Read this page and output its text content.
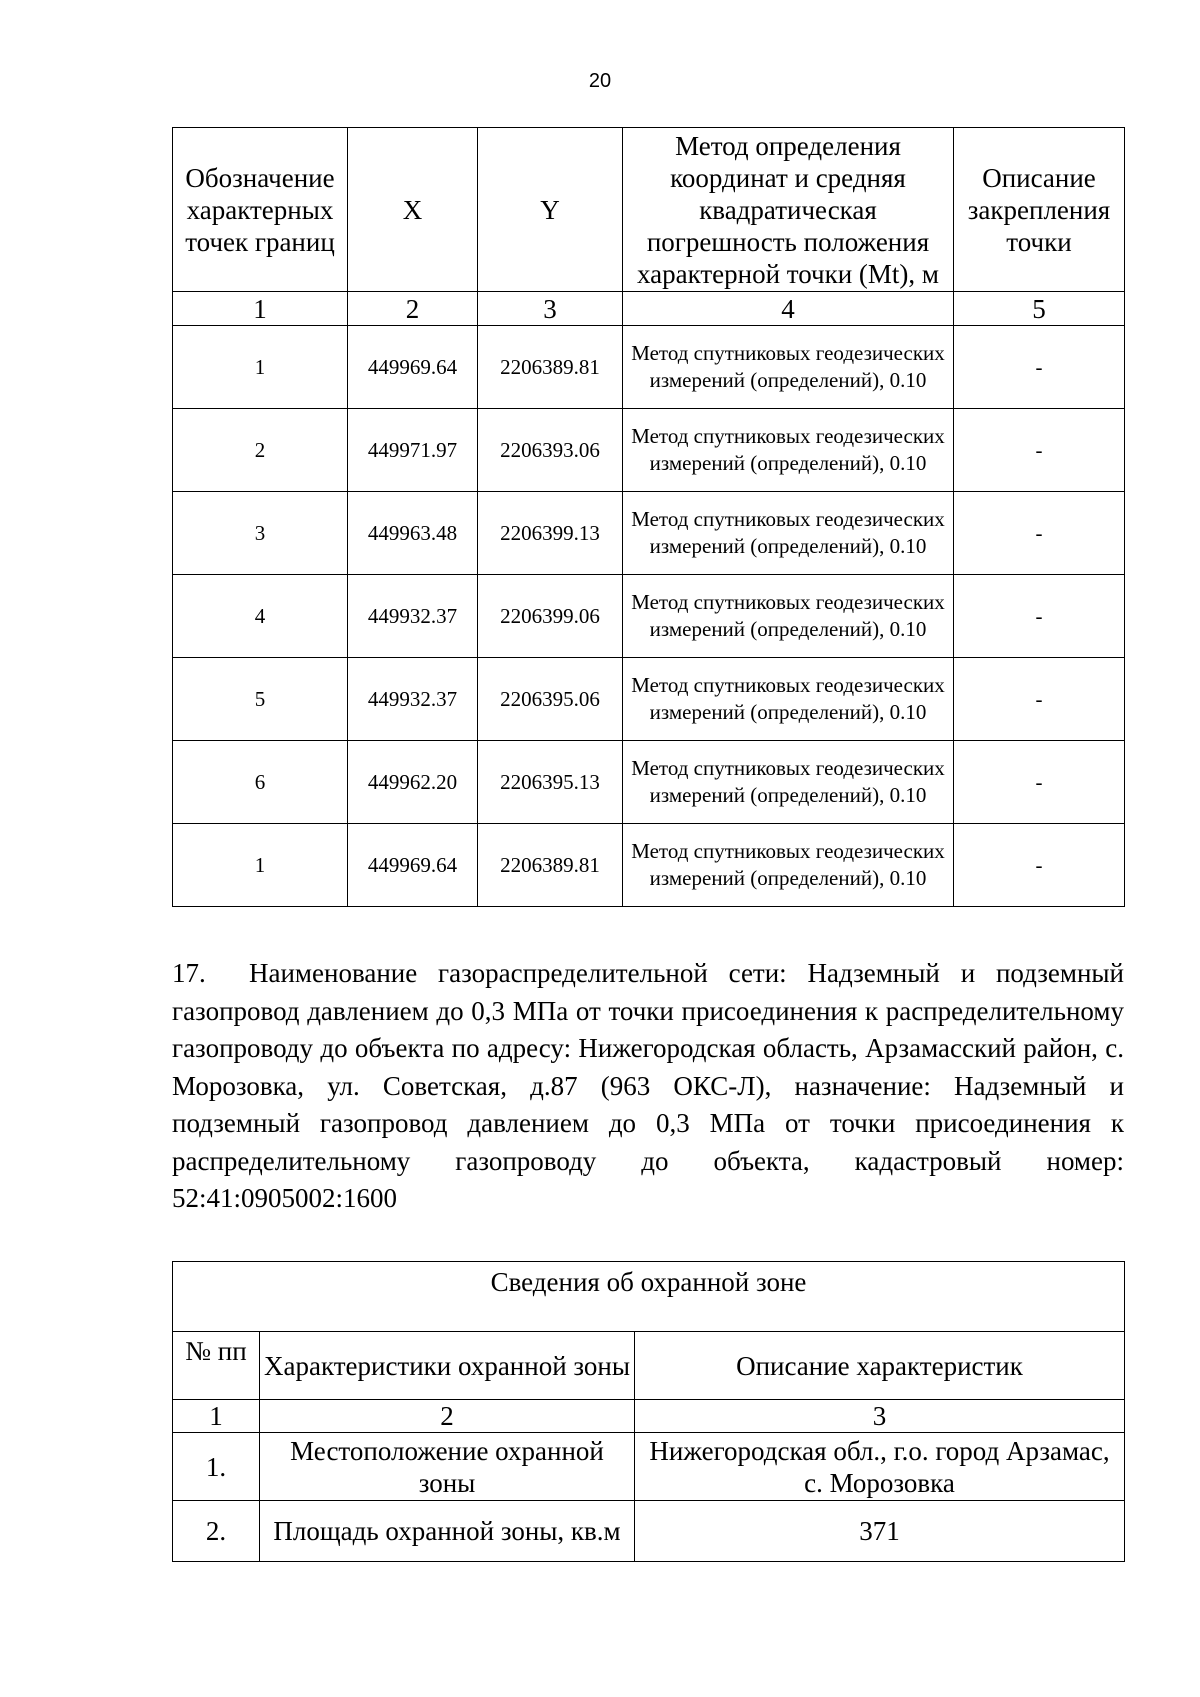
20
Обозначение характерных точек границ	X	Y	Метод определения координат и средняя квадратическая погрешность положения характерной точки (Mt), м	Описание закрепления точки
1	2	3	4	5
1	449969.64	2206389.81	Метод спутниковых геодезических измерений (определений), 0.10	-
2	449971.97	2206393.06	Метод спутниковых геодезических измерений (определений), 0.10	-
3	449963.48	2206399.13	Метод спутниковых геодезических измерений (определений), 0.10	-
4	449932.37	2206399.06	Метод спутниковых геодезических измерений (определений), 0.10	-
5	449932.37	2206395.06	Метод спутниковых геодезических измерений (определений), 0.10	-
6	449962.20	2206395.13	Метод спутниковых геодезических измерений (определений), 0.10	-
1	449969.64	2206389.81	Метод спутниковых геодезических измерений (определений), 0.10	-

17. Наименование газораспределительной сети: Надземный и подземный газопровод давлением до 0,3 МПа от точки присоединения к распределительному газопроводу до объекта по адресу: Нижегородская область, Арзамасский район, с. Морозовка, ул. Советская, д.87 (963 ОКС-Л), назначение: Надземный и подземный газопровод давлением до 0,3 МПа от точки присоединения к распределительному газопроводу до объекта, кадастровый номер: 52:41:0905002:1600

Сведения об охранной зоне		
№ пп	Характеристики охранной зоны	Описание характеристик
1	2	3
1.	Местоположение охранной зоны	Нижегородская обл., г.о. город Арзамас, с. Морозовка
2.	Площадь охранной зоны, кв.м	371
